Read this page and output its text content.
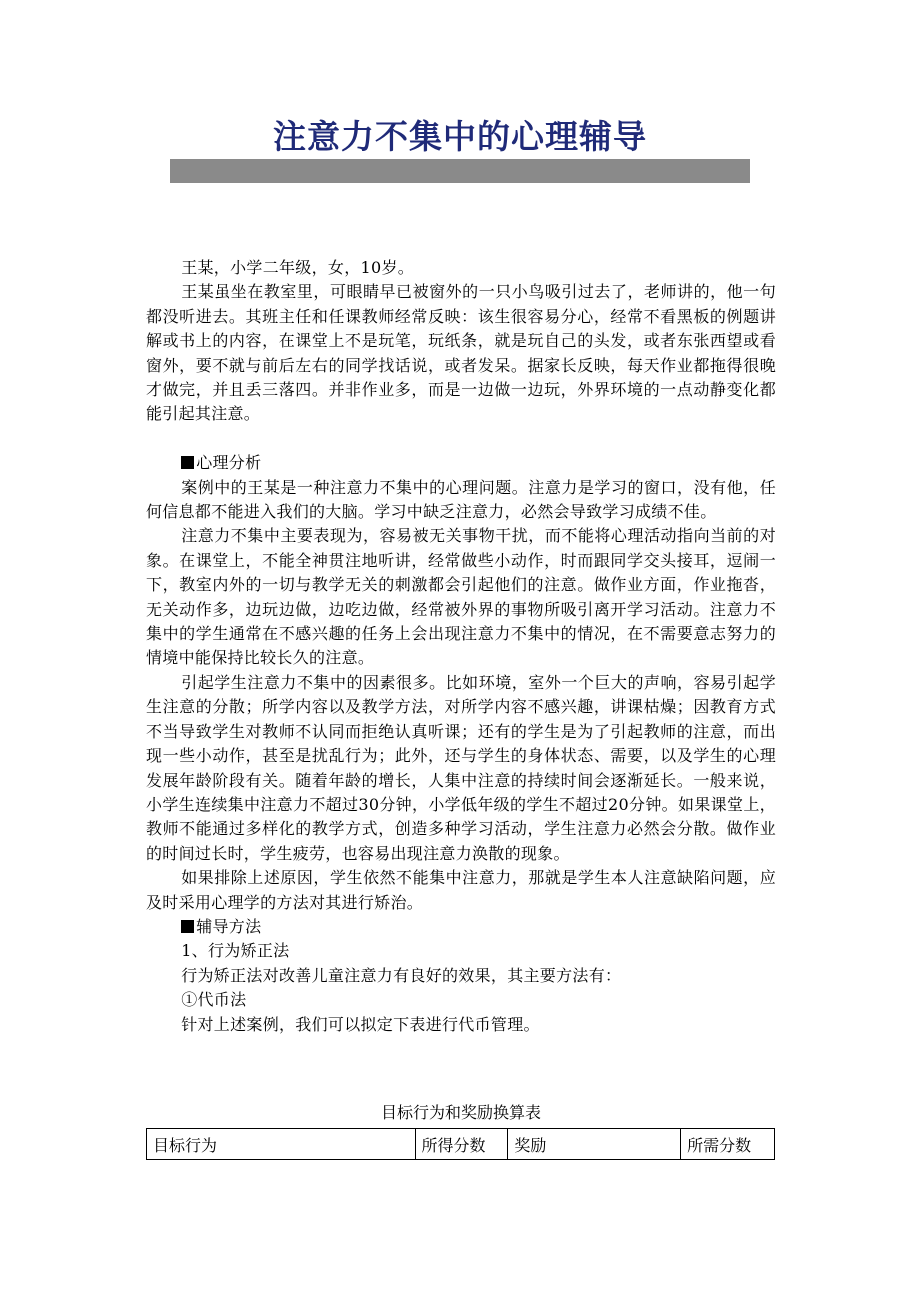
注意力不集中的心理辅导

王某，小学二年级，女，10岁。

王某虽坐在教室里，可眼睛早已被窗外的一只小鸟吸引过去了，老师讲的，他一句都没听进去。其班主任和任课教师经常反映：该生很容易分心，经常不看黑板的例题讲解或书上的内容，在课堂上不是玩笔，玩纸条，就是玩自己的头发，或者东张西望或看窗外，要不就与前后左右的同学找话说，或者发呆。据家长反映，每天作业都拖得很晚才做完，并且丢三落四。并非作业多，而是一边做一边玩，外界环境的一点动静变化都能引起其注意。

心理分析

案例中的王某是一种注意力不集中的心理问题。注意力是学习的窗口，没有他，任何信息都不能进入我们的大脑。学习中缺乏注意力，必然会导致学习成绩不佳。

注意力不集中主要表现为，容易被无关事物干扰，而不能将心理活动指向当前的对象。在课堂上，不能全神贯注地听讲，经常做些小动作，时而跟同学交头接耳，逗闹一下，教室内外的一切与教学无关的刺激都会引起他们的注意。做作业方面，作业拖沓，无关动作多，边玩边做，边吃边做，经常被外界的事物所吸引离开学习活动。注意力不集中的学生通常在不感兴趣的任务上会出现注意力不集中的情况，在不需要意志努力的情境中能保持比较长久的注意。

引起学生注意力不集中的因素很多。比如环境，室外一个巨大的声响，容易引起学生注意的分散；所学内容以及教学方法，对所学内容不感兴趣，讲课枯燥；因教育方式不当导致学生对教师不认同而拒绝认真听课；还有的学生是为了引起教师的注意，而出现一些小动作，甚至是扰乱行为；此外，还与学生的身体状态、需要，以及学生的心理发展年龄阶段有关。随着年龄的增长，人集中注意的持续时间会逐渐延长。一般来说，小学生连续集中注意力不超过30分钟，小学低年级的学生不超过20分钟。如果课堂上，教师不能通过多样化的教学方式，创造多种学习活动，学生注意力必然会分散。做作业的时间过长时，学生疲劳，也容易出现注意力涣散的现象。

如果排除上述原因，学生依然不能集中注意力，那就是学生本人注意缺陷问题，应及时采用心理学的方法对其进行矫治。

辅导方法

1、行为矫正法

行为矫正法对改善儿童注意力有良好的效果，其主要方法有：

①代币法

针对上述案例，我们可以拟定下表进行代币管理。

目标行为和奖励换算表
目标行为	所得分数	奖励	所需分数
